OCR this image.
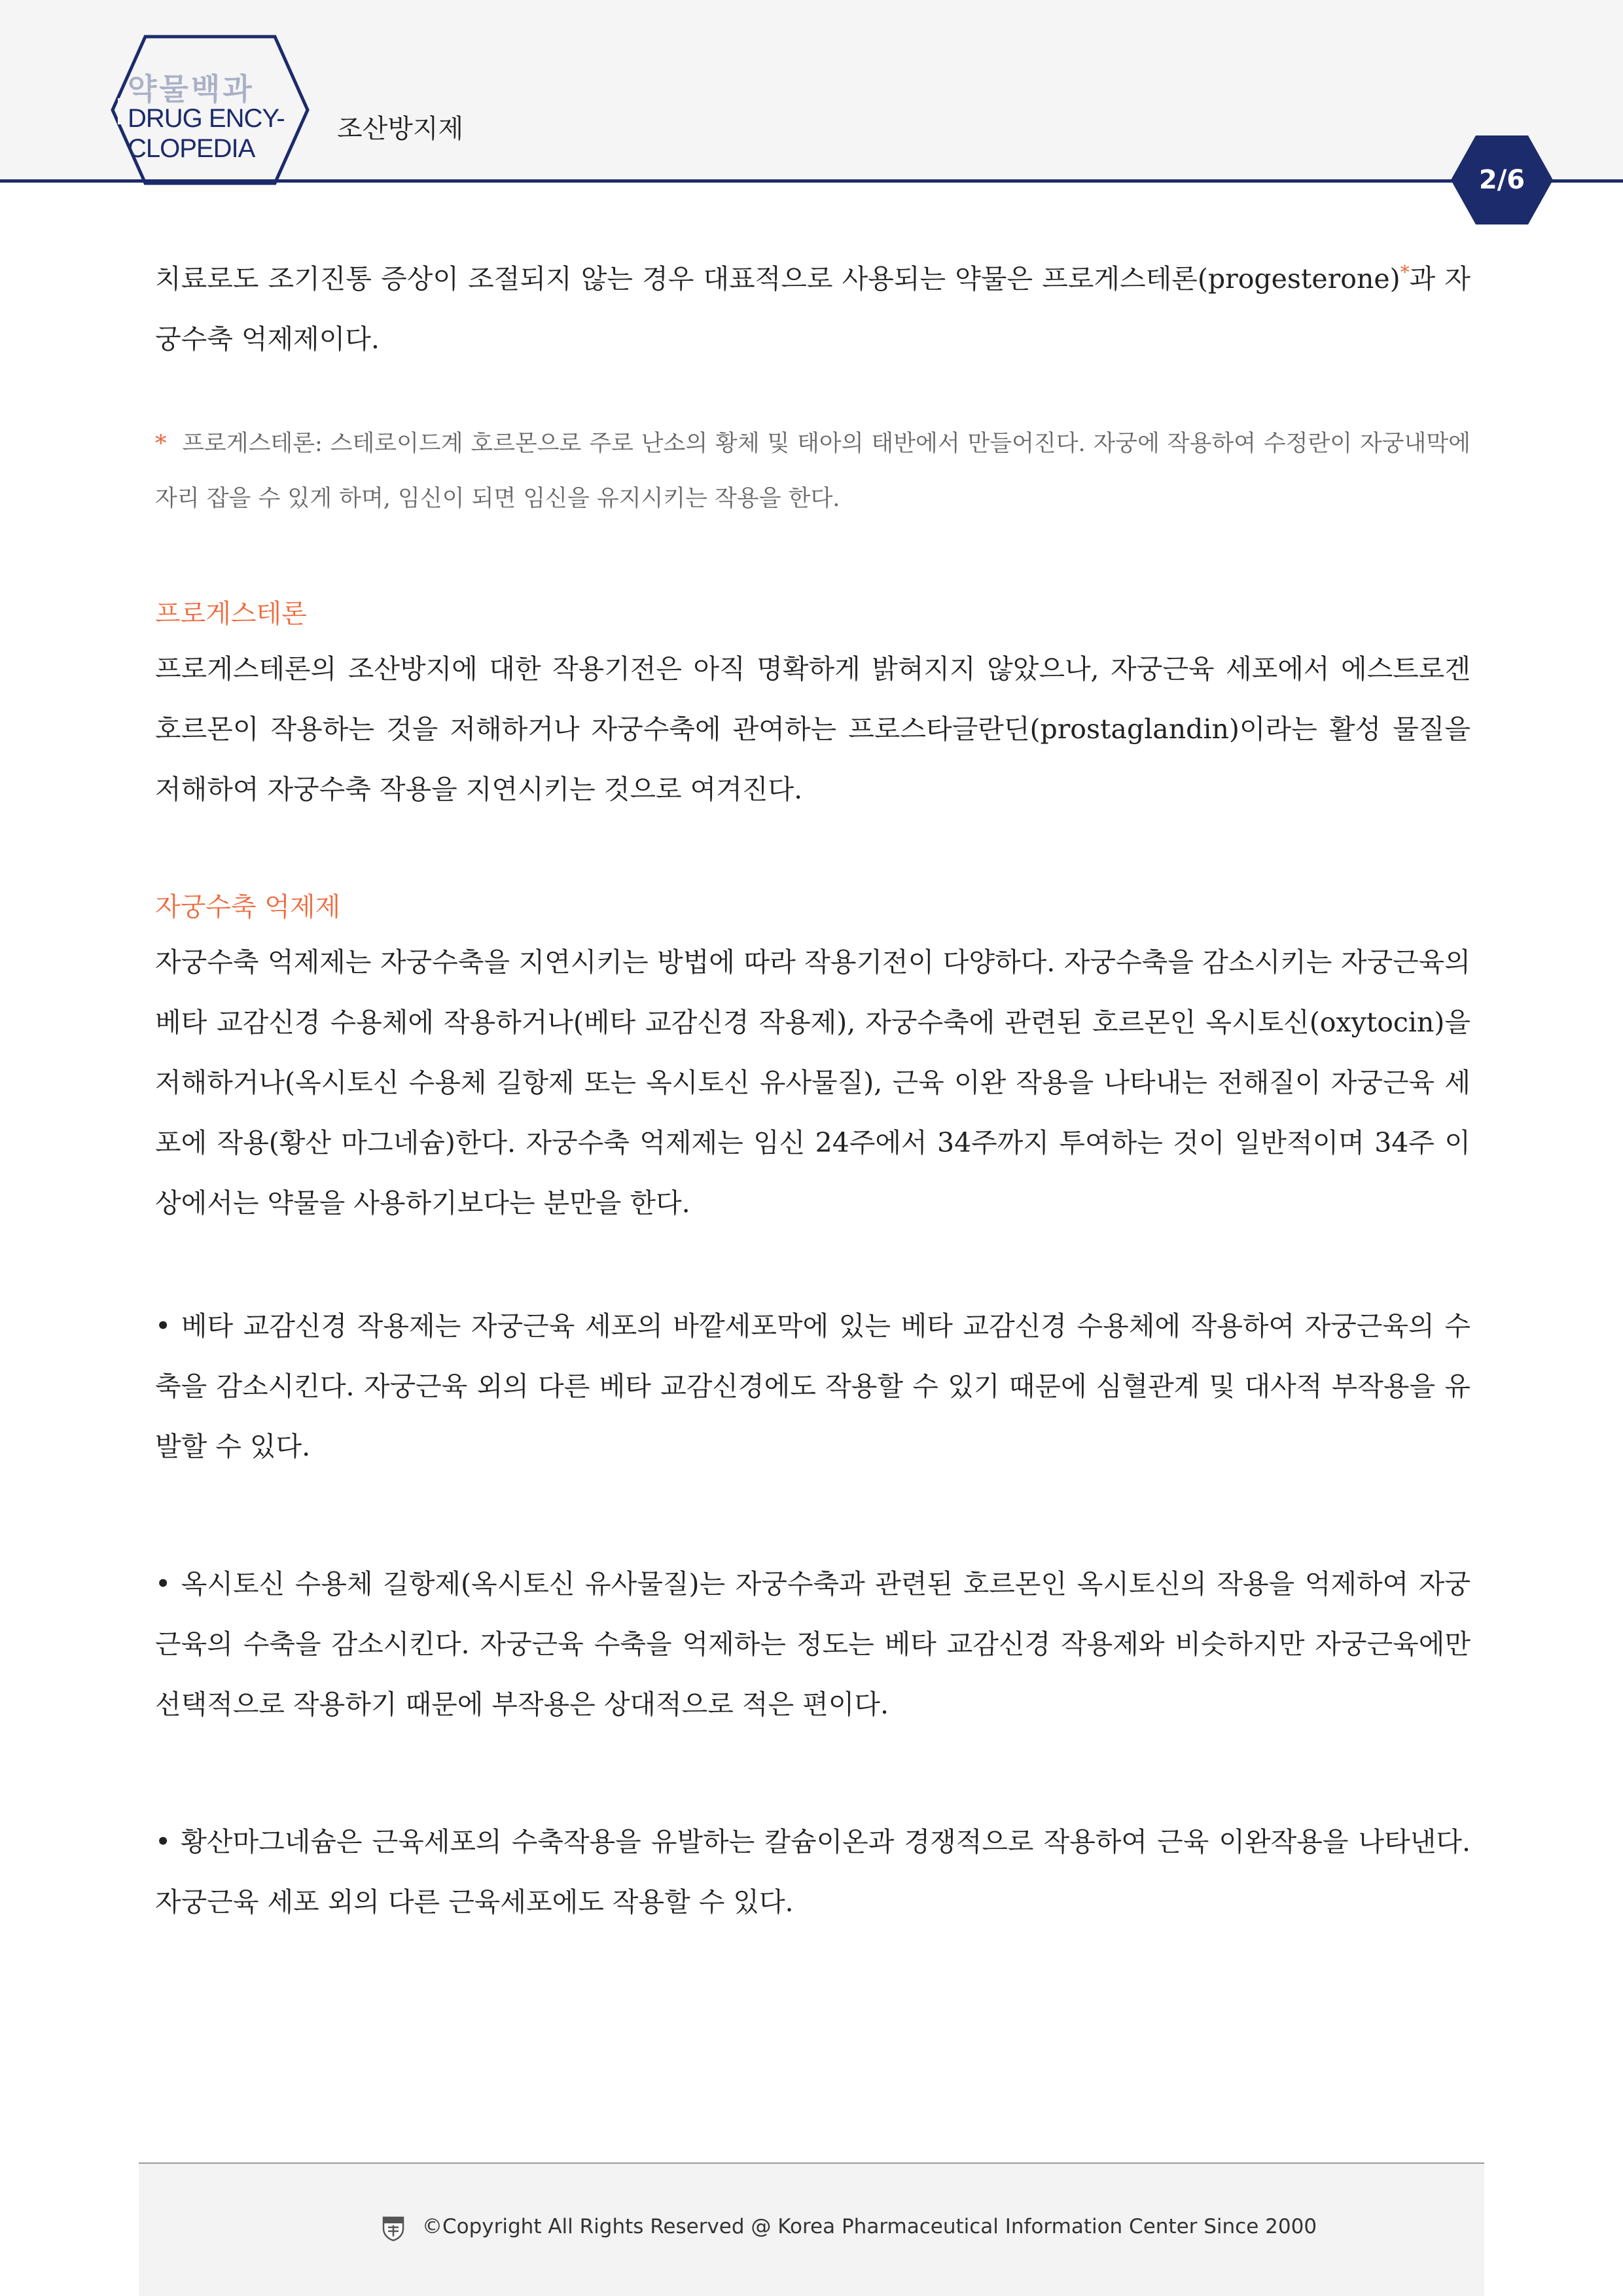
약물백과
DRUG ENCY-
CLOPEDIA
조산방지제
2/6

치료로도 조기진통 증상이 조절되지 않는 경우 대표적으로 사용되는 약물은 프로게스테론(progesterone)*과 자궁수축 억제제이다.

* 프로게스테론: 스테로이드계 호르몬으로 주로 난소의 황체 및 태아의 태반에서 만들어진다. 자궁에 작용하여 수정란이 자궁내막에 자리 잡을 수 있게 하며, 임신이 되면 임신을 유지시키는 작용을 한다.

프로게스테론

프로게스테론의 조산방지에 대한 작용기전은 아직 명확하게 밝혀지지 않았으나, 자궁근육 세포에서 에스트로겐 호르몬이 작용하는 것을 저해하거나 자궁수축에 관여하는 프로스타글란딘(prostaglandin)이라는 활성 물질을 저해하여 자궁수축 작용을 지연시키는 것으로 여겨진다.

자궁수축 억제제

자궁수축 억제제는 자궁수축을 지연시키는 방법에 따라 작용기전이 다양하다. 자궁수축을 감소시키는 자궁근육의 베타 교감신경 수용체에 작용하거나(베타 교감신경 작용제), 자궁수축에 관련된 호르몬인 옥시토신(oxytocin)을 저해하거나(옥시토신 수용체 길항제 또는 옥시토신 유사물질), 근육 이완 작용을 나타내는 전해질이 자궁근육 세포에 작용(황산 마그네슘)한다. 자궁수축 억제제는 임신 24주에서 34주까지 투여하는 것이 일반적이며 34주 이상에서는 약물을 사용하기보다는 분만을 한다.

• 베타 교감신경 작용제는 자궁근육 세포의 바깥세포막에 있는 베타 교감신경 수용체에 작용하여 자궁근육의 수축을 감소시킨다. 자궁근육 외의 다른 베타 교감신경에도 작용할 수 있기 때문에 심혈관계 및 대사적 부작용을 유발할 수 있다.

• 옥시토신 수용체 길항제(옥시토신 유사물질)는 자궁수축과 관련된 호르몬인 옥시토신의 작용을 억제하여 자궁근육의 수축을 감소시킨다. 자궁근육 수축을 억제하는 정도는 베타 교감신경 작용제와 비슷하지만 자궁근육에만 선택적으로 작용하기 때문에 부작용은 상대적으로 적은 편이다.

• 황산마그네슘은 근육세포의 수축작용을 유발하는 칼슘이온과 경쟁적으로 작용하여 근육 이완작용을 나타낸다. 자궁근육 세포 외의 다른 근육세포에도 작용할 수 있다.

©Copyright All Rights Reserved @ Korea Pharmaceutical Information Center Since 2000
